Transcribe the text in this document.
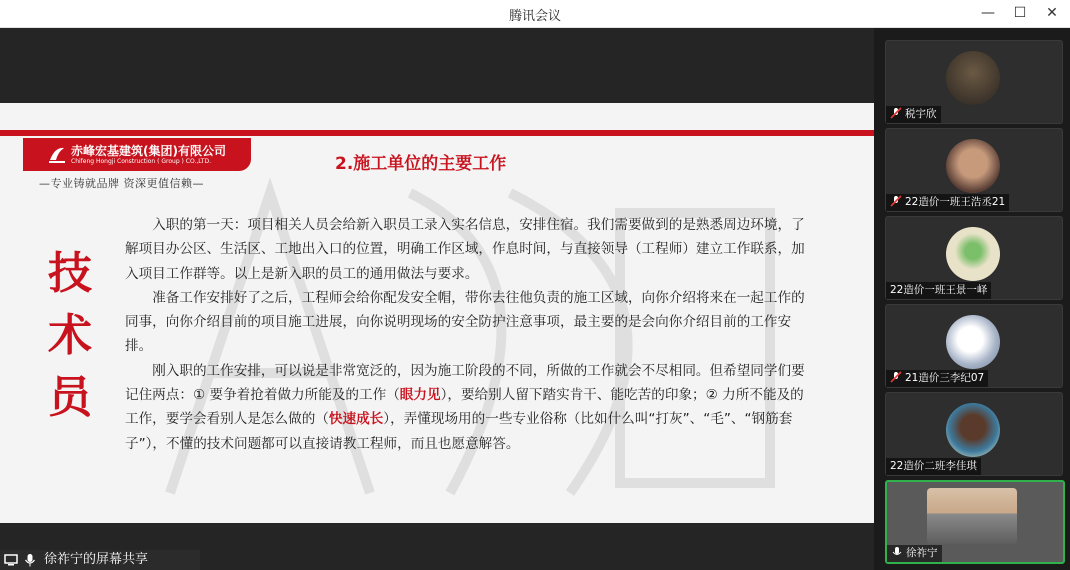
腾讯会议	—	☐	✕
赤峰宏基建筑(集团)有限公司
Chifeng Hongji Construction ( Group ) CO.,LTD.
—专业铸就品牌 资深更值信赖—
2.施工单位的主要工作
技术员

入职的第一天：项目相关人员会给新入职员工录入实名信息，安排住宿。我们需要做到的是熟悉周边环境，了解项目办公区、生活区、工地出入口的位置，明确工作区域，作息时间，与直接领导（工程师）建立工作联系，加入项目工作群等。以上是新入职的员工的通用做法与要求。

准备工作安排好了之后，工程师会给你配发安全帽，带你去往他负责的施工区域，向你介绍将来在一起工作的同事，向你介绍目前的项目施工进展，向你说明现场的安全防护注意事项，最主要的是会向你介绍目前的工作安排。

刚入职的工作安排，可以说是非常宽泛的，因为施工阶段的不同，所做的工作就会不尽相同。但希望同学们要记住两点：① 要争着抢着做力所能及的工作（眼力见），要给别人留下踏实肯干、能吃苦的印象；② 力所不能及的工作，要学会看别人是怎么做的（快速成长），弄懂现场用的一些专业俗称（比如什么叫“打灰”、“毛”、“钢筋套子”），不懂的技术问题都可以直接请教工程师，而且也愿意解答。

徐祚宁的屏幕共享
税宇欣
22造价一班王浩丞21
22造价一班王景一峄
21造价三李纪07
22造价二班李佳琪
徐祚宁
